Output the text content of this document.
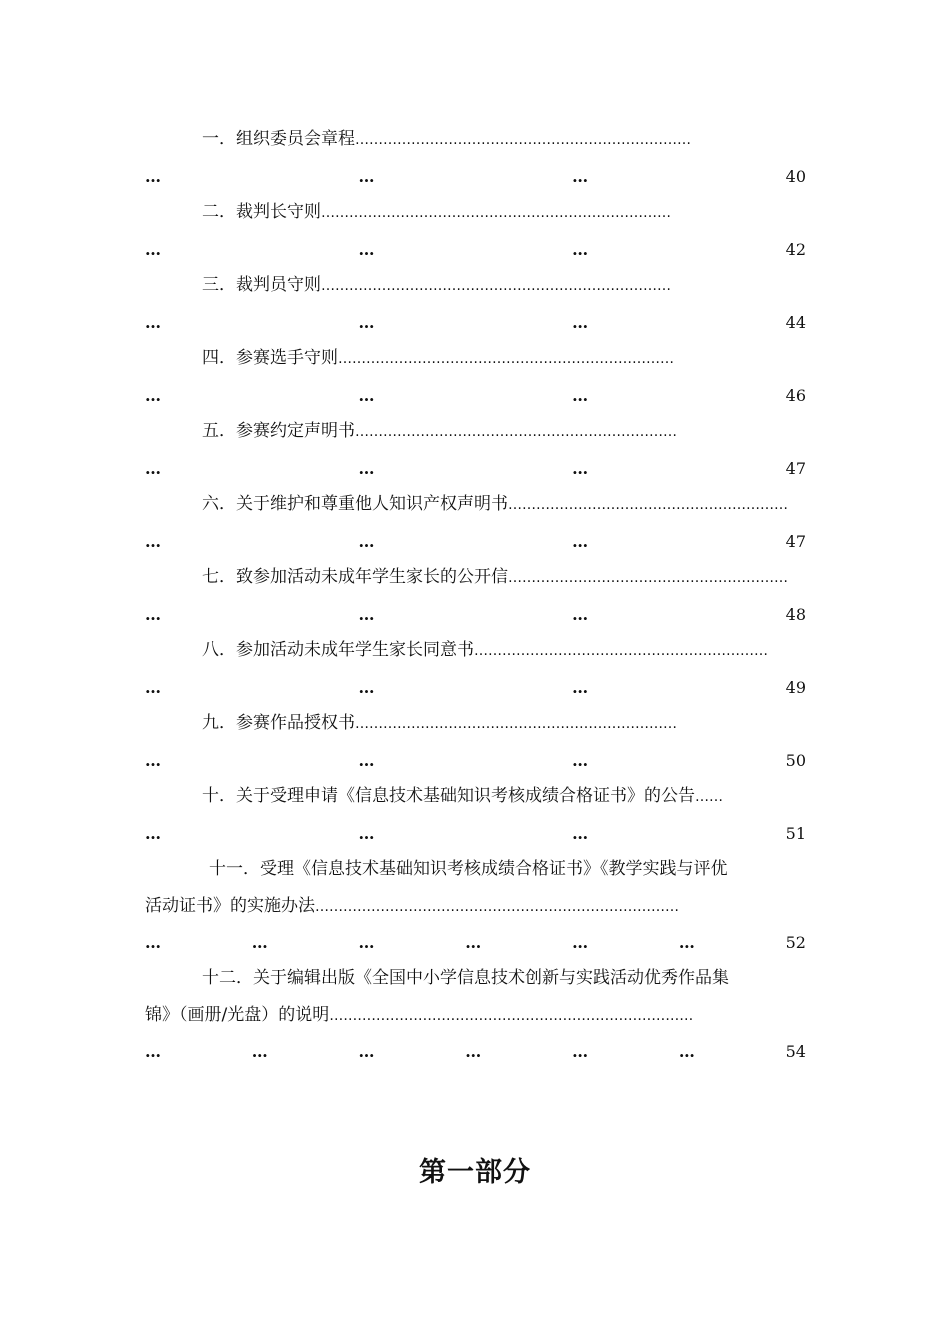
一．组织委员会章程………………………………………………………………
…	…	…	40
二．裁判长守则…………………………………………………………………
…	…	…	42
三．裁判员守则…………………………………………………………………
…	…	…	44
四．参赛选手守则………………………………………………………………
…	…	…	46
五．参赛约定声明书……………………………………………………………
…	…	…	47
六．关于维护和尊重他人知识产权声明书……………………………………………………
…	…	…	47
七．致参加活动未成年学生家长的公开信……………………………………………………
…	…	…	48
八．参加活动未成年学生家长同意书………………………………………………………
…	…	…	49
九．参赛作品授权书……………………………………………………………
…	…	…	50
十．关于受理申请《信息技术基础知识考核成绩合格证书》的公告……
…	…	…	51
十一．受理《信息技术基础知识考核成绩合格证书》《教学实践与评优
活动证书》的实施办法……………………………………………………………………
…	…	…	…	…	…	52
十二．关于编辑出版《全国中小学信息技术创新与实践活动优秀作品集
锦》（画册/光盘）的说明……………………………………………………………………
…	…	…	…	…	…	54
第一部分
